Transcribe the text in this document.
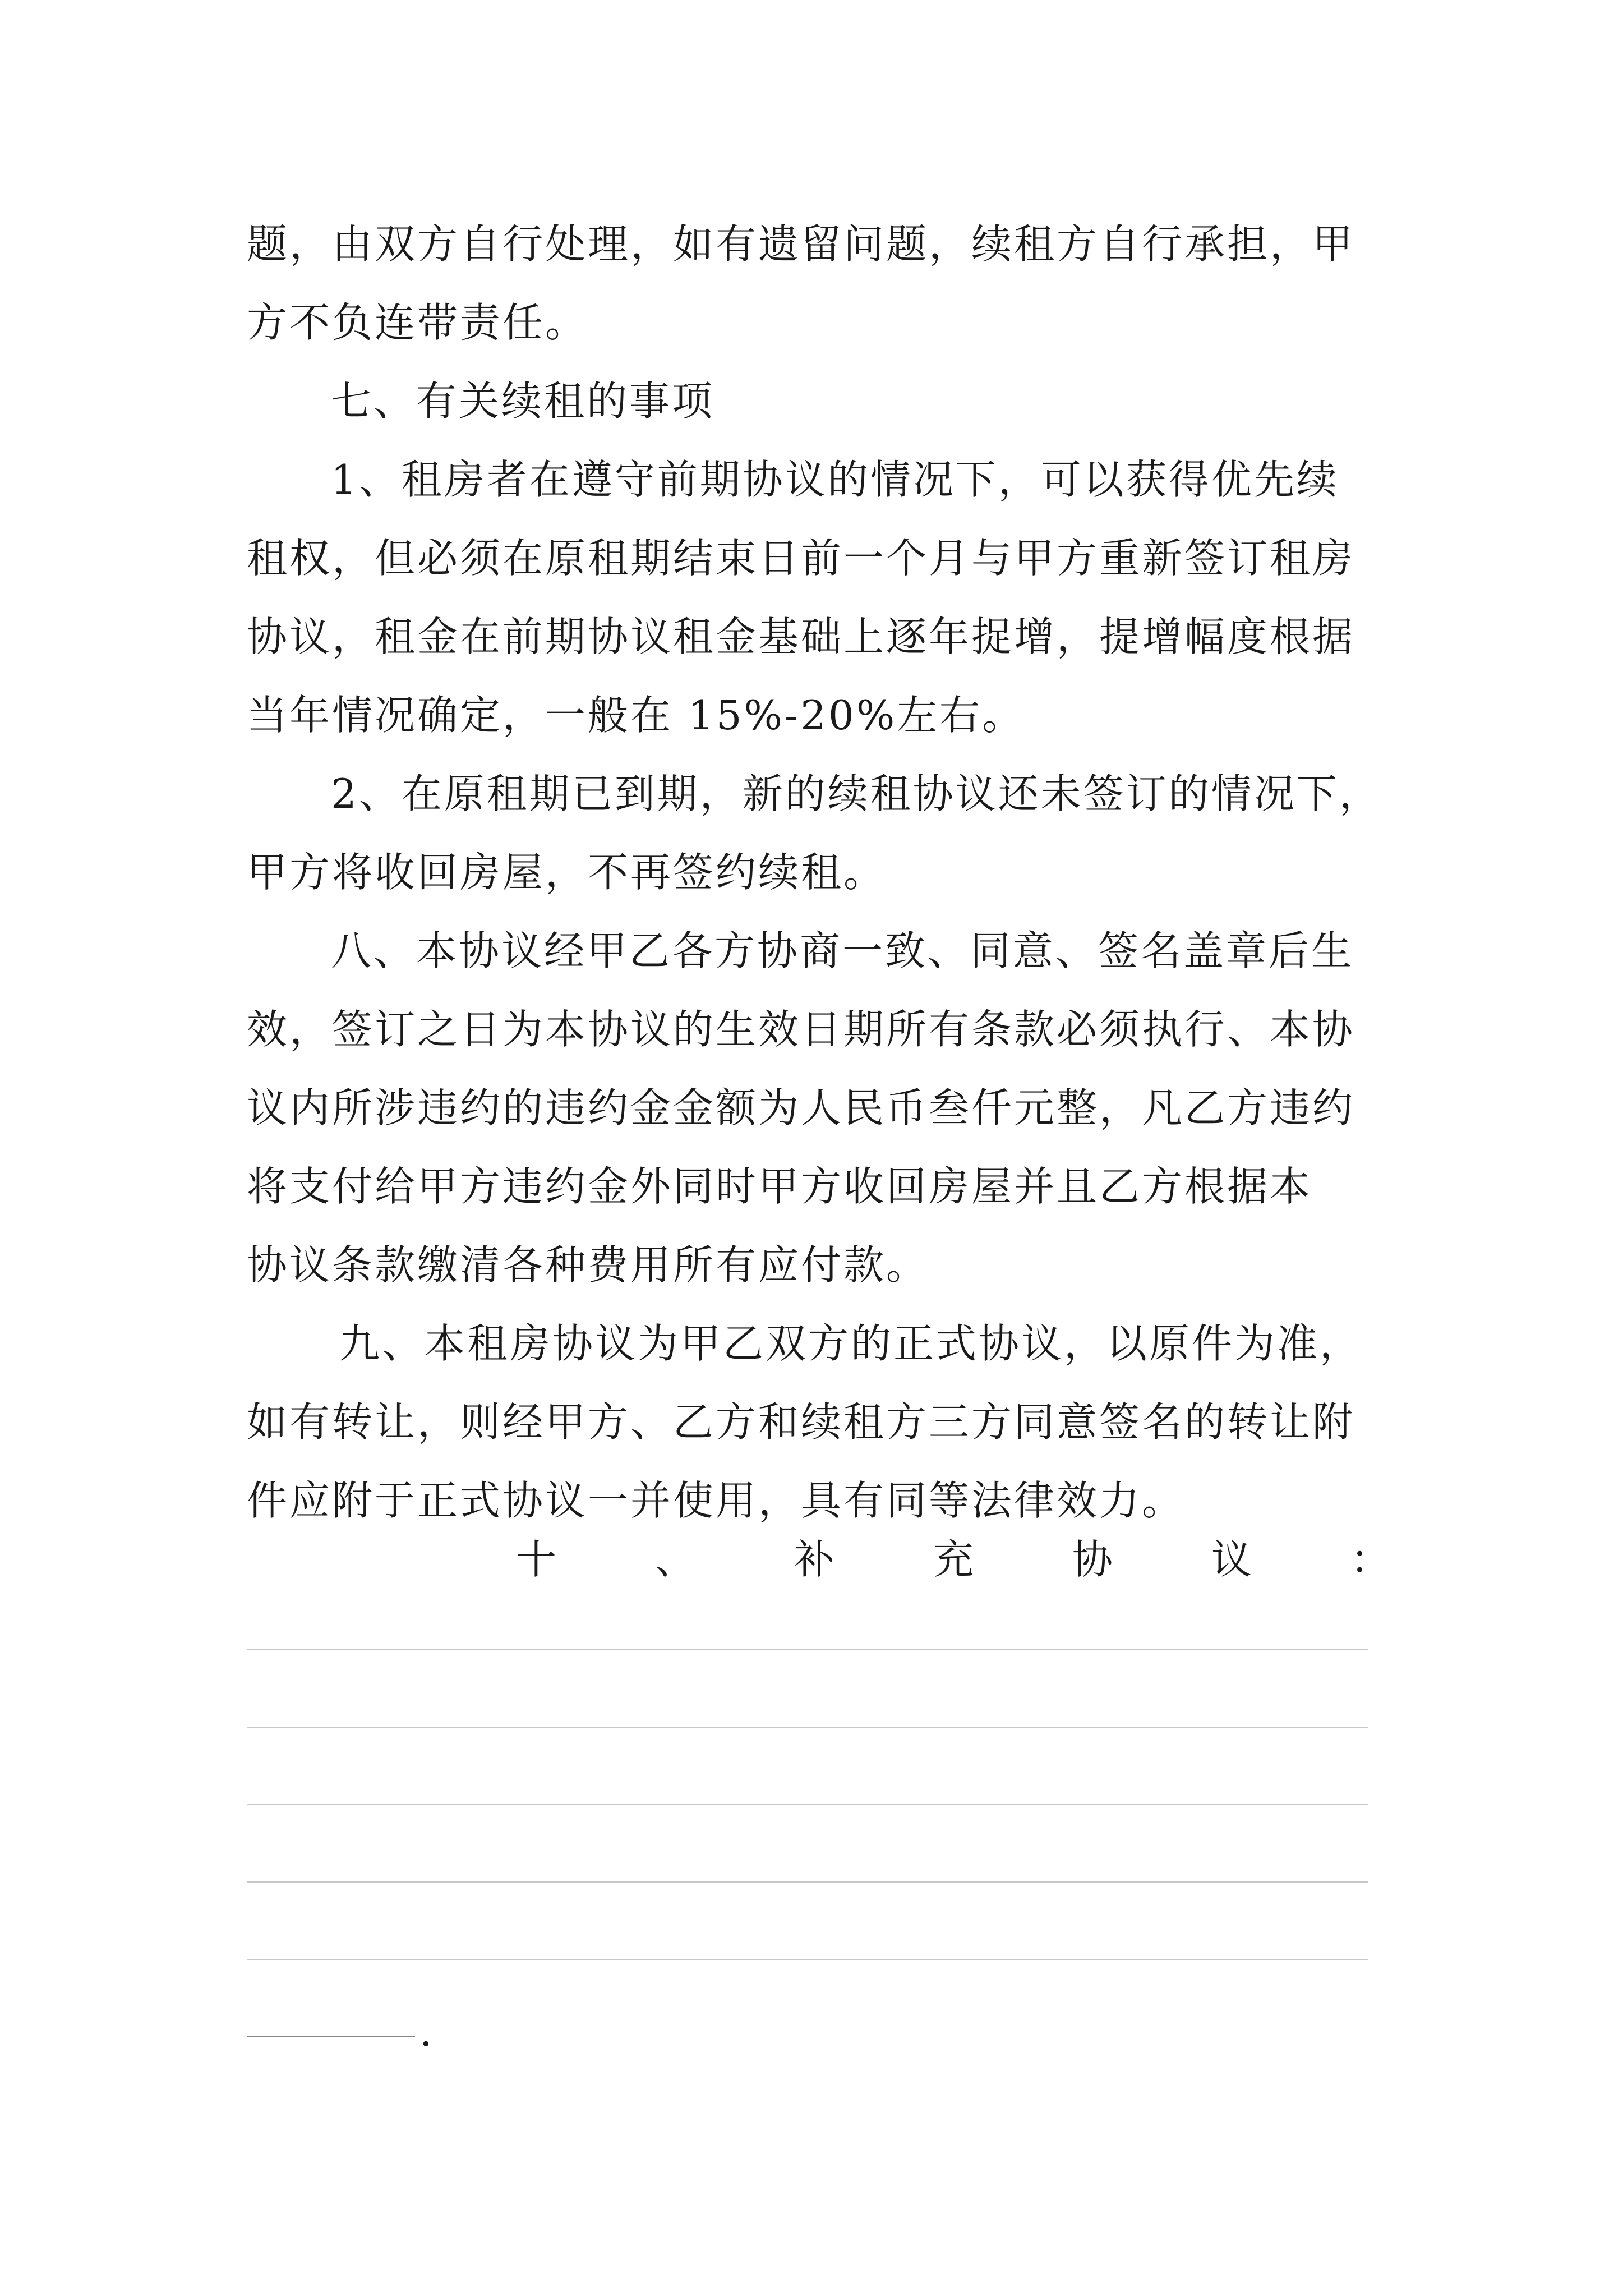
题，由双方自行处理，如有遗留问题，续租方自行承担，甲
方不负连带责任。
七、有关续租的事项
1、租房者在遵守前期协议的情况下，可以获得优先续
租权，但必须在原租期结束日前一个月与甲方重新签订租房
协议，租金在前期协议租金基础上逐年捉增，提增幅度根据
当年情况确定，一般在 15%-20%左右。
2、在原租期已到期，新的续租协议还未签订的情况下，
甲方将收回房屋，不再签约续租。
八、本协议经甲乙各方协商一致、同意、签名盖章后生
效，签订之日为本协议的生效日期所有条款必须执行、本协
议内所涉违约的违约金金额为人民币叁仟元整，凡乙方违约
将支付给甲方违约金外同时甲方收回房屋并且乙方根据本
协议条款缴清各种费用所有应付款。
九、本租房协议为甲乙双方的正式协议，以原件为准，
如有转让，则经甲方、乙方和续租方三方同意签名的转让附
件应附于正式协议一并使用，具有同等法律效力。
十 、 补 充 协 议 ：
.
